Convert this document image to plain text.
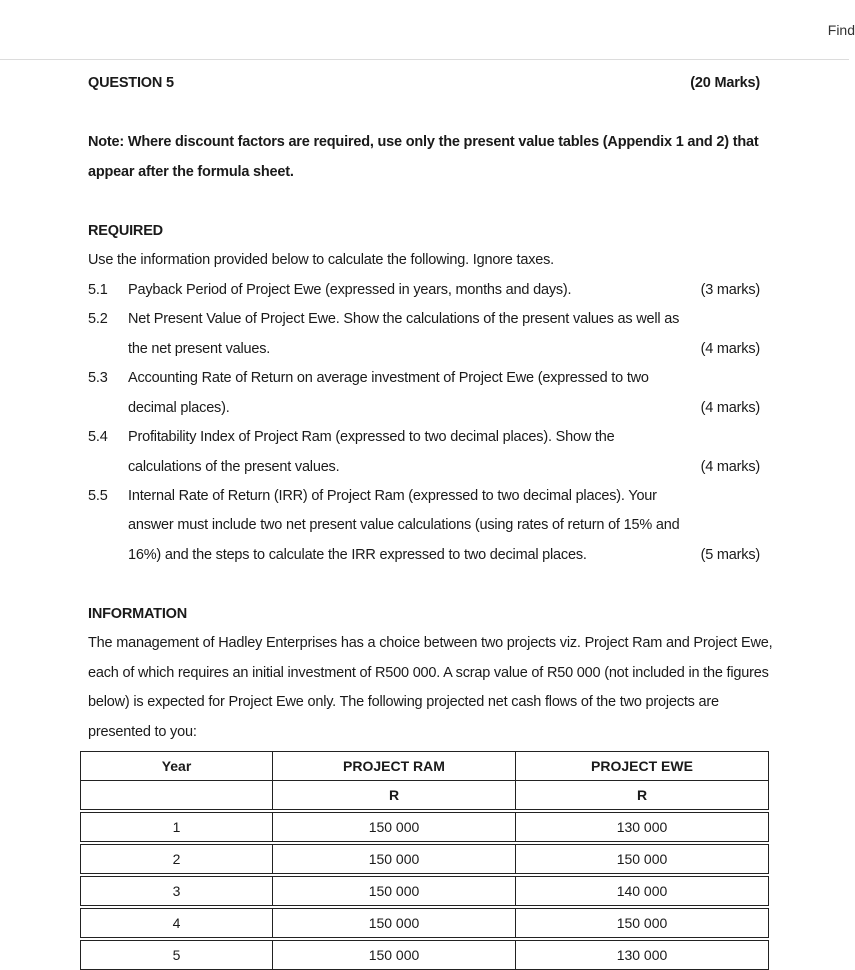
Find
QUESTION 5	(20 Marks)
Note: Where discount factors are required, use only the present value tables (Appendix 1 and 2) that
appear after the formula sheet.
REQUIRED
Use the information provided below to calculate the following. Ignore taxes.
5.1 Payback Period of Project Ewe (expressed in years, months and days).	(3 marks)
5.2 Net Present Value of Project Ewe. Show the calculations of the present values as well as
the net present values.	(4 marks)
5.3 Accounting Rate of Return on average investment of Project Ewe (expressed to two
decimal places).	(4 marks)
5.4 Profitability Index of Project Ram (expressed to two decimal places). Show the
calculations of the present values.	(4 marks)
5.5 Internal Rate of Return (IRR) of Project Ram (expressed to two decimal places). Your
answer must include two net present value calculations (using rates of return of 15% and
16%) and the steps to calculate the IRR expressed to two decimal places.	(5 marks)
INFORMATION
The management of Hadley Enterprises has a choice between two projects viz. Project Ram and Project Ewe,
each of which requires an initial investment of R500 000. A scrap value of R50 000 (not included in the figures
below) is expected for Project Ewe only. The following projected net cash flows of the two projects are
presented to you:
Year	PROJECT RAM	PROJECT EWE
	R	R

1	150 000	130 000

2	150 000	150 000

3	150 000	140 000

4	150 000	150 000

5	150 000	130 000
